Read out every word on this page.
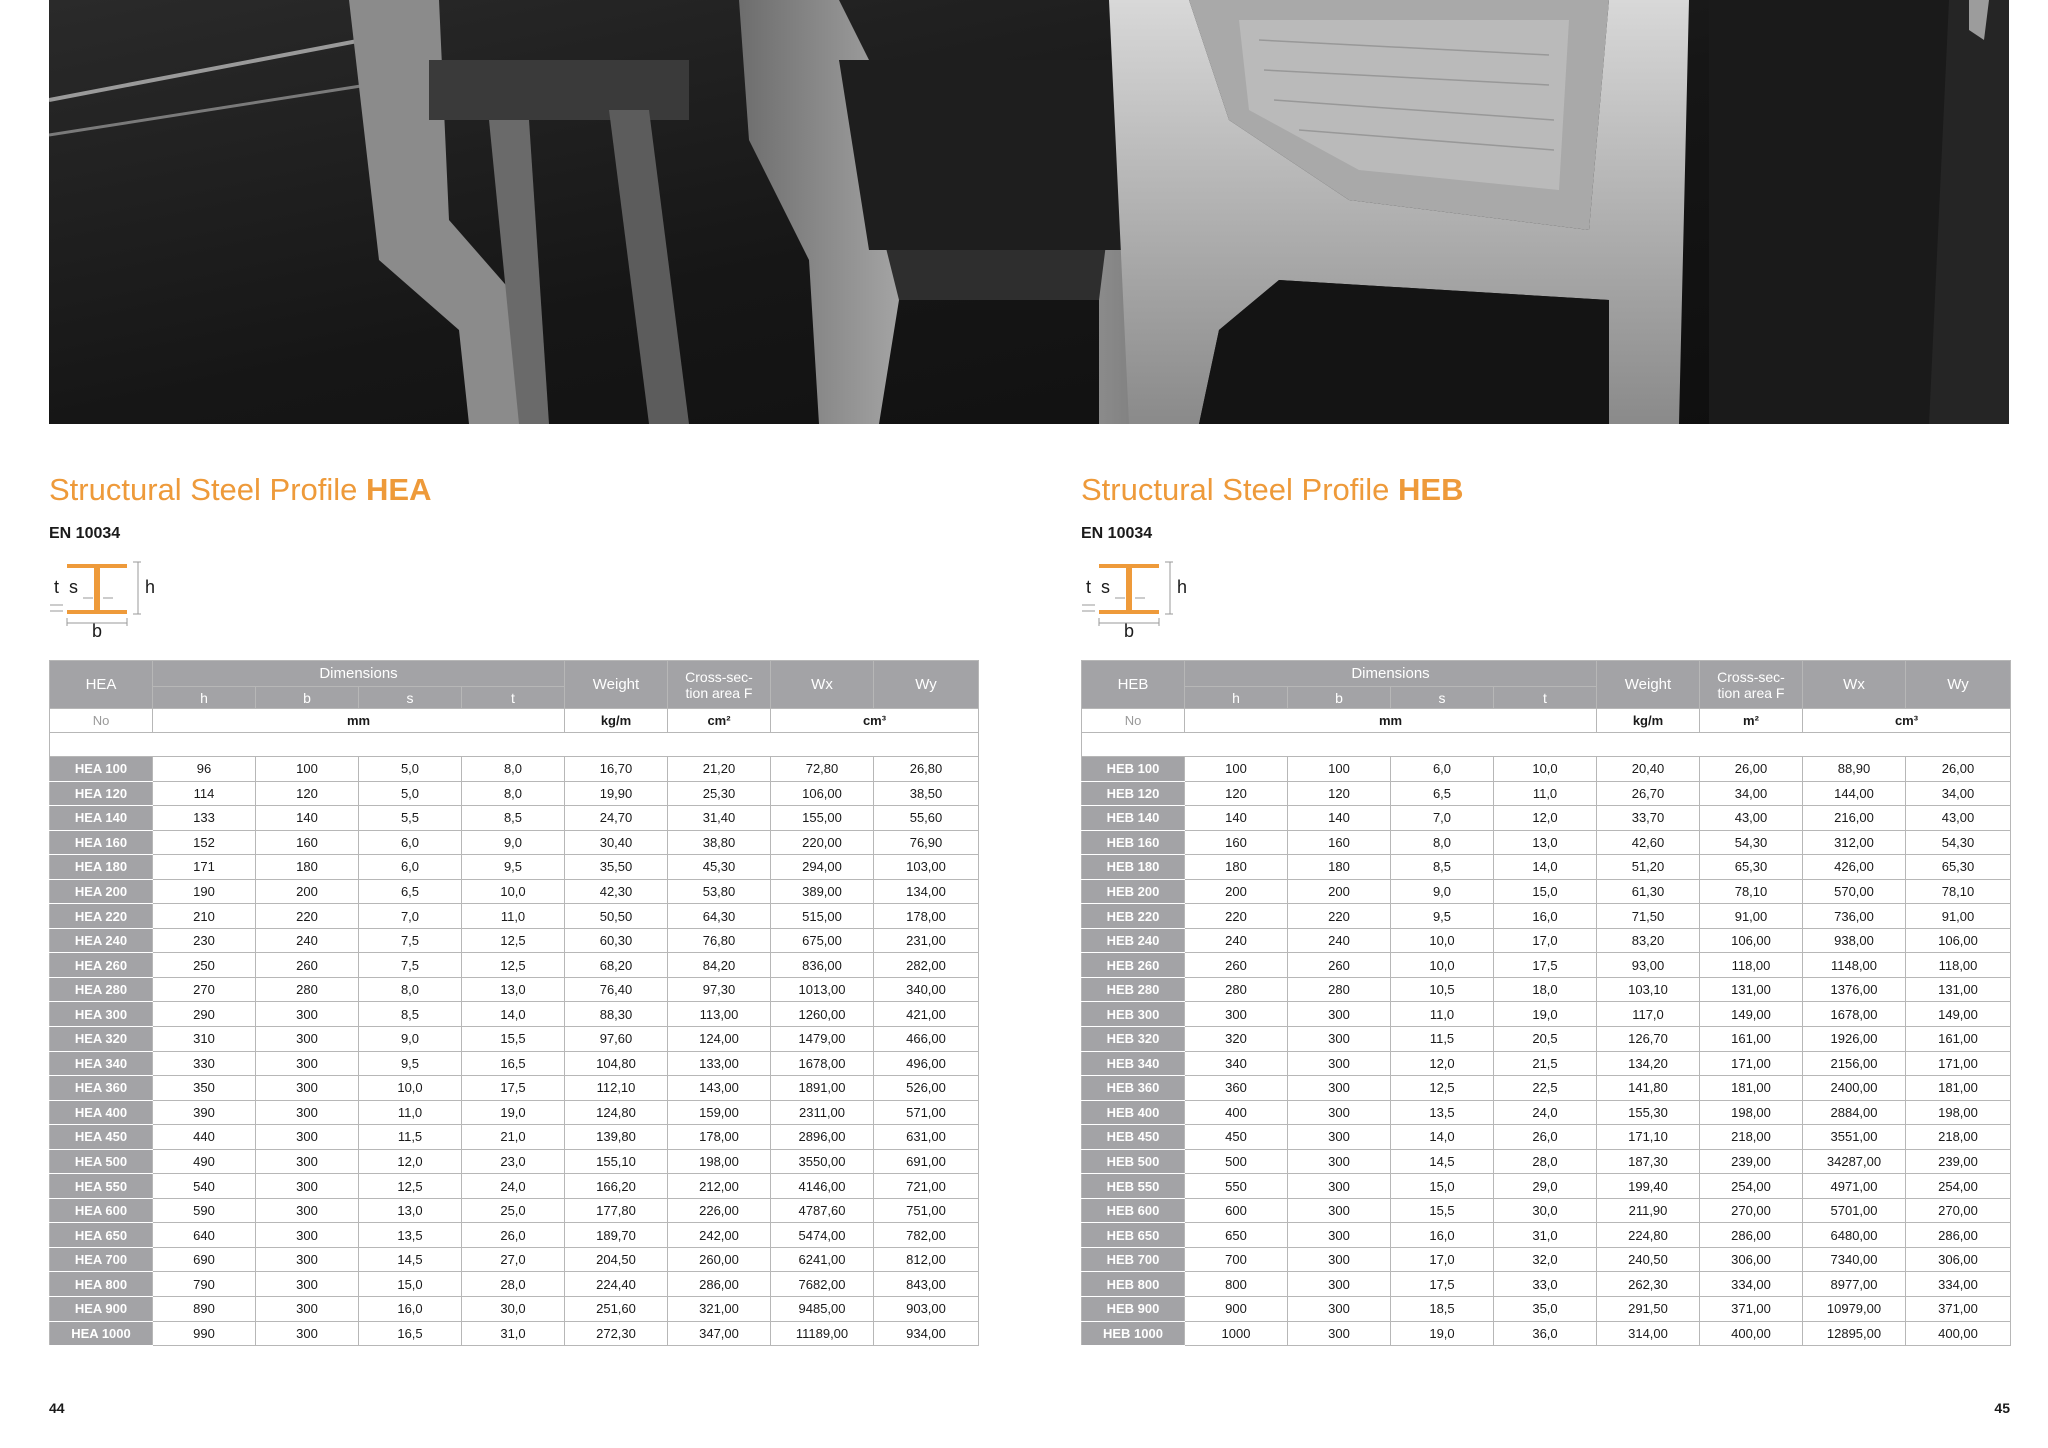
Structural Steel Profile HEA
EN 10034
t s	h
b
HEA	Dimensions				Weight	Cross-sec-
tion area F	Wx	Wy
	h	b	s	t				
No	mm				kg/m	cm²	cm³	

HEA 100	96	100	5,0	8,0	16,70	21,20	72,80	26,80
HEA 120	114	120	5,0	8,0	19,90	25,30	106,00	38,50
HEA 140	133	140	5,5	8,5	24,70	31,40	155,00	55,60
HEA 160	152	160	6,0	9,0	30,40	38,80	220,00	76,90
HEA 180	171	180	6,0	9,5	35,50	45,30	294,00	103,00
HEA 200	190	200	6,5	10,0	42,30	53,80	389,00	134,00
HEA 220	210	220	7,0	11,0	50,50	64,30	515,00	178,00
HEA 240	230	240	7,5	12,5	60,30	76,80	675,00	231,00
HEA 260	250	260	7,5	12,5	68,20	84,20	836,00	282,00
HEA 280	270	280	8,0	13,0	76,40	97,30	1013,00	340,00
HEA 300	290	300	8,5	14,0	88,30	113,00	1260,00	421,00
HEA 320	310	300	9,0	15,5	97,60	124,00	1479,00	466,00
HEA 340	330	300	9,5	16,5	104,80	133,00	1678,00	496,00
HEA 360	350	300	10,0	17,5	112,10	143,00	1891,00	526,00
HEA 400	390	300	11,0	19,0	124,80	159,00	2311,00	571,00
HEA 450	440	300	11,5	21,0	139,80	178,00	2896,00	631,00
HEA 500	490	300	12,0	23,0	155,10	198,00	3550,00	691,00
HEA 550	540	300	12,5	24,0	166,20	212,00	4146,00	721,00
HEA 600	590	300	13,0	25,0	177,80	226,00	4787,60	751,00
HEA 650	640	300	13,5	26,0	189,70	242,00	5474,00	782,00
HEA 700	690	300	14,5	27,0	204,50	260,00	6241,00	812,00
HEA 800	790	300	15,0	28,0	224,40	286,00	7682,00	843,00
HEA 900	890	300	16,0	30,0	251,60	321,00	9485,00	903,00
HEA 1000	990	300	16,5	31,0	272,30	347,00	11189,00	934,00
Structural Steel Profile HEB
EN 10034
t s	h
b
HEB	Dimensions				Weight	Cross-sec-
tion area F	Wx	Wy
	h	b	s	t				
No	mm				kg/m	m²	cm³	

HEB 100	100	100	6,0	10,0	20,40	26,00	88,90	26,00
HEB 120	120	120	6,5	11,0	26,70	34,00	144,00	34,00
HEB 140	140	140	7,0	12,0	33,70	43,00	216,00	43,00
HEB 160	160	160	8,0	13,0	42,60	54,30	312,00	54,30
HEB 180	180	180	8,5	14,0	51,20	65,30	426,00	65,30
HEB 200	200	200	9,0	15,0	61,30	78,10	570,00	78,10
HEB 220	220	220	9,5	16,0	71,50	91,00	736,00	91,00
HEB 240	240	240	10,0	17,0	83,20	106,00	938,00	106,00
HEB 260	260	260	10,0	17,5	93,00	118,00	1148,00	118,00
HEB 280	280	280	10,5	18,0	103,10	131,00	1376,00	131,00
HEB 300	300	300	11,0	19,0	117,0	149,00	1678,00	149,00
HEB 320	320	300	11,5	20,5	126,70	161,00	1926,00	161,00
HEB 340	340	300	12,0	21,5	134,20	171,00	2156,00	171,00
HEB 360	360	300	12,5	22,5	141,80	181,00	2400,00	181,00
HEB 400	400	300	13,5	24,0	155,30	198,00	2884,00	198,00
HEB 450	450	300	14,0	26,0	171,10	218,00	3551,00	218,00
HEB 500	500	300	14,5	28,0	187,30	239,00	34287,00	239,00
HEB 550	550	300	15,0	29,0	199,40	254,00	4971,00	254,00
HEB 600	600	300	15,5	30,0	211,90	270,00	5701,00	270,00
HEB 650	650	300	16,0	31,0	224,80	286,00	6480,00	286,00
HEB 700	700	300	17,0	32,0	240,50	306,00	7340,00	306,00
HEB 800	800	300	17,5	33,0	262,30	334,00	8977,00	334,00
HEB 900	900	300	18,5	35,0	291,50	371,00	10979,00	371,00
HEB 1000	1000	300	19,0	36,0	314,00	400,00	12895,00	400,00
44	45
